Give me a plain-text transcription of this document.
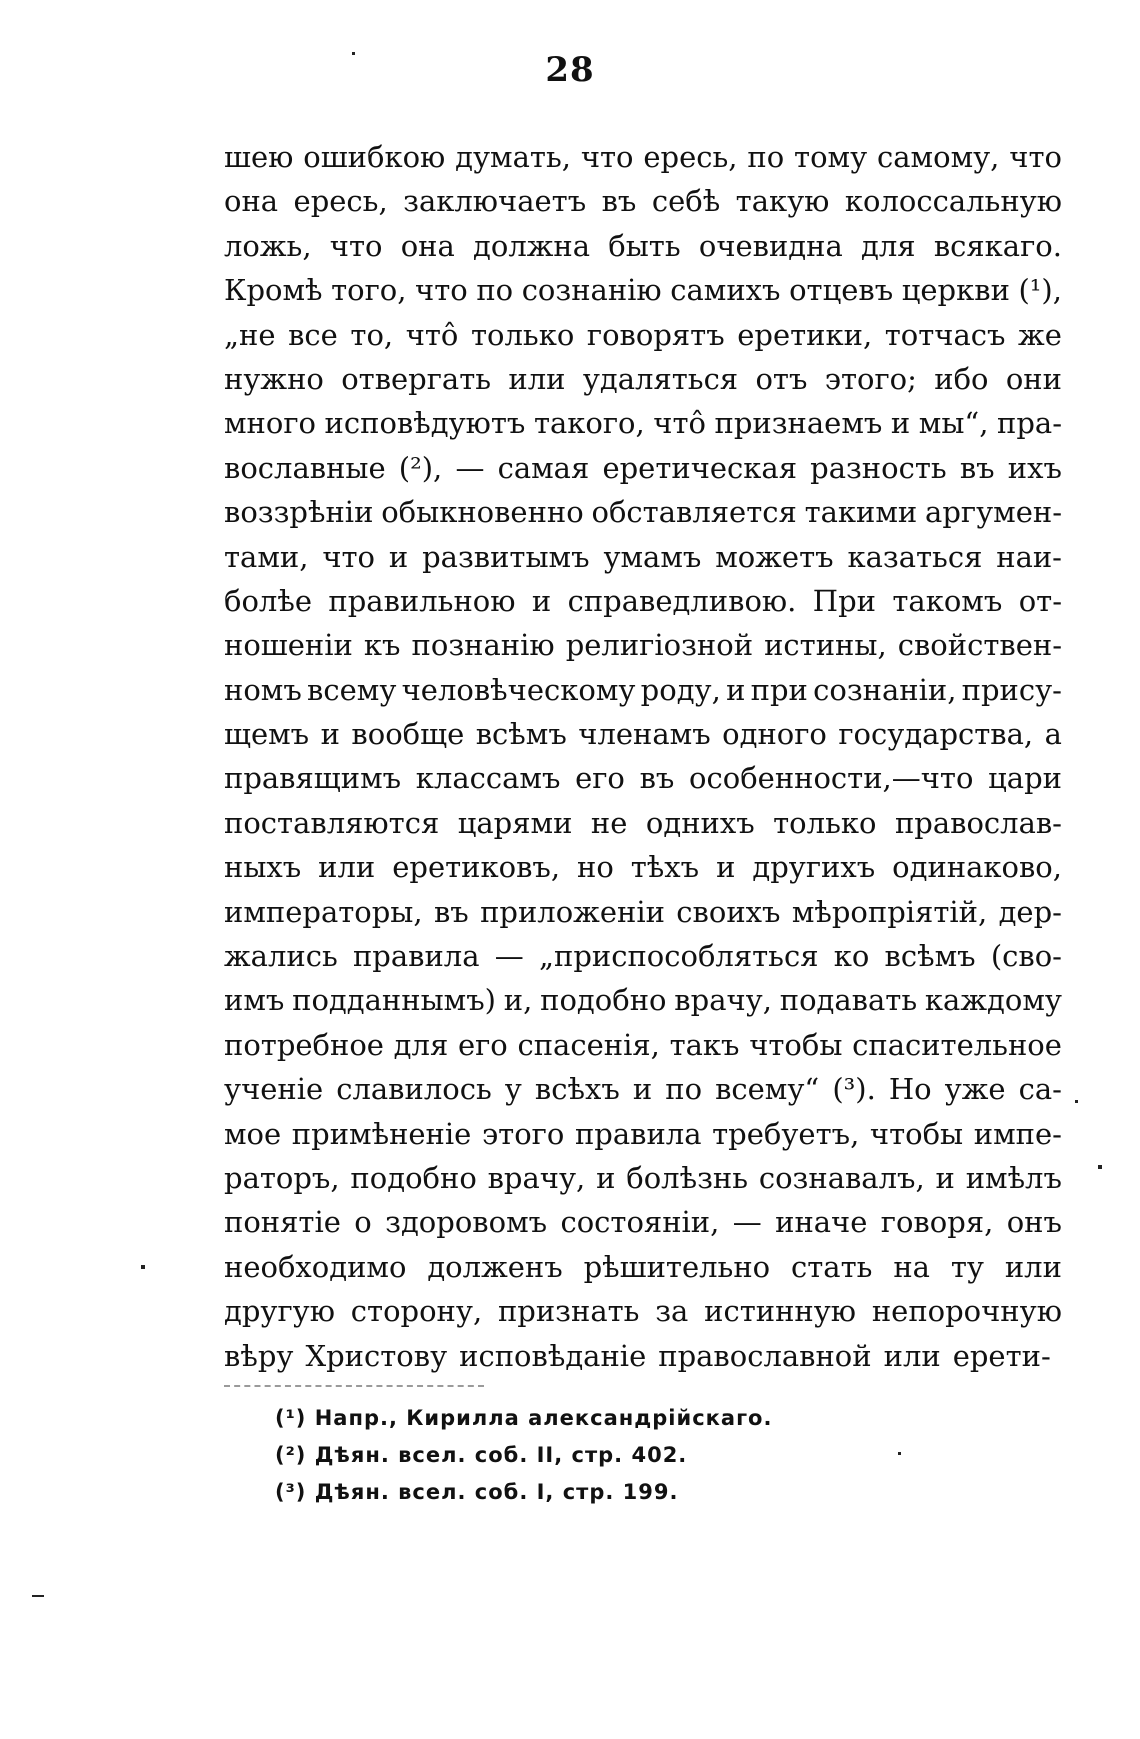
28
шею ошибкою думать, что ересь, по тому самому, что
она ересь, заключаетъ въ себѣ такую колоссальную
ложь, что она должна быть очевидна для всякаго.
Кромѣ того, что по сознанію самихъ отцевъ церкви (¹),
„не все то, что̂ только говорятъ еретики, тотчасъ же
нужно отвергать или удаляться отъ этого; ибо они
много исповѣдуютъ такого, что̂ признаемъ и мы“, пра-
вославные (²), — самая еретическая разность въ ихъ
воззрѣніи обыкновенно обставляется такими аргумен-
тами, что и развитымъ умамъ можетъ казаться наи-
болѣе правильною и справедливою. При такомъ от-
ношеніи къ познанію религіозной истины, свойствен-
номъ всему человѣческому роду, и при сознаніи, прису-
щемъ и вообще всѣмъ членамъ одного государства, а
правящимъ классамъ его въ особенности,—что цари
поставляются царями не однихъ только православ-
ныхъ или еретиковъ, но тѣхъ и другихъ одинаково,
императоры, въ приложеніи своихъ мѣропріятій, дер-
жались правила — „приспособляться ко всѣмъ (сво-
имъ подданнымъ) и, подобно врачу, подавать каждому
потребное для его спасенія, такъ чтобы спасительное
ученіе славилось у всѣхъ и по всему“ (³). Но уже са-
мое примѣненіе этого правила требуетъ, чтобы импе-
раторъ, подобно врачу, и болѣзнь сознавалъ, и имѣлъ
понятіе о здоровомъ состояніи, — иначе говоря, онъ
необходимо долженъ рѣшительно стать на ту или
другую сторону, признать за истинную непорочную
вѣру Христову исповѣданіе православной или ерети-
(¹) Напр., Кирилла александрійскаго.
(²) Дѣян. всел. соб. II, стр. 402.
(³) Дѣян. всел. соб. I, стр. 199.
